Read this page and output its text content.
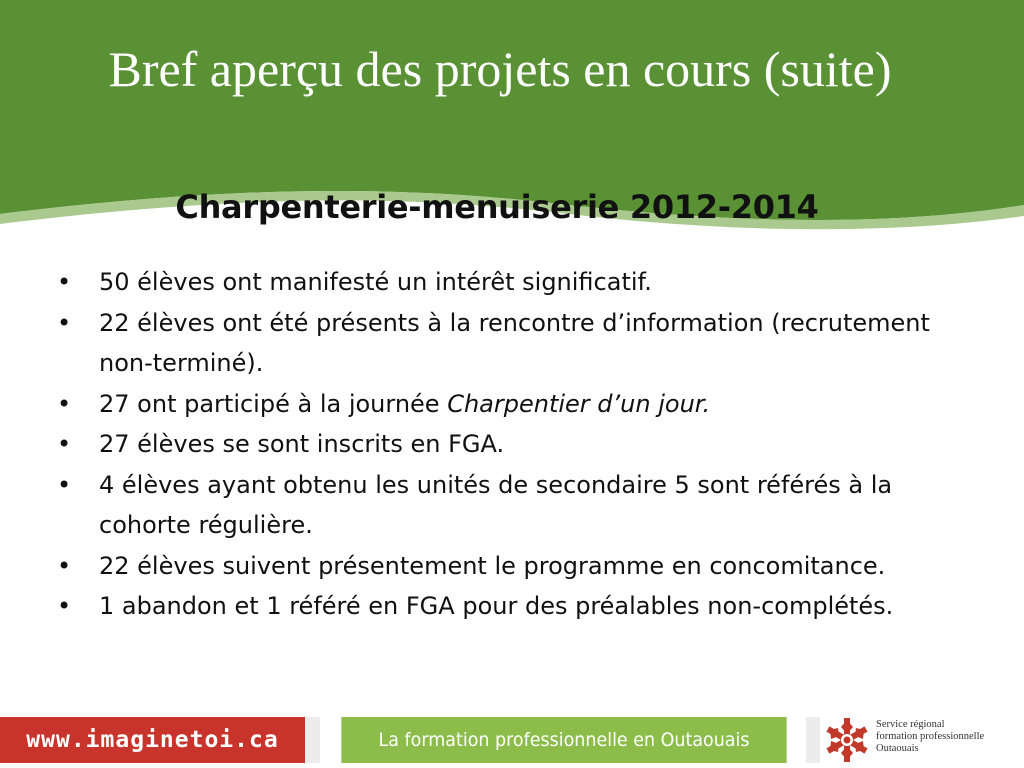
Bref aperçu des projets en cours (suite)
Charpenterie-menuiserie 2012-2014
• 50 élèves ont manifesté un intérêt significatif.
• 22 élèves ont été présents à la rencontre d’information (recrutement non-terminé).
• 27 ont participé à la journée Charpentier d’un jour.
• 27 élèves se sont inscrits en FGA.
• 4 élèves ayant obtenu les unités de secondaire 5 sont référés à la cohorte régulière.
• 22 élèves suivent présentement le programme en concomitance.
• 1 abandon et 1 référé en FGA pour des préalables non-complétés.
www.imaginetoi.ca	La formation professionnelle en Outaouais
Service régional
formation professionnelle
Outaouais
